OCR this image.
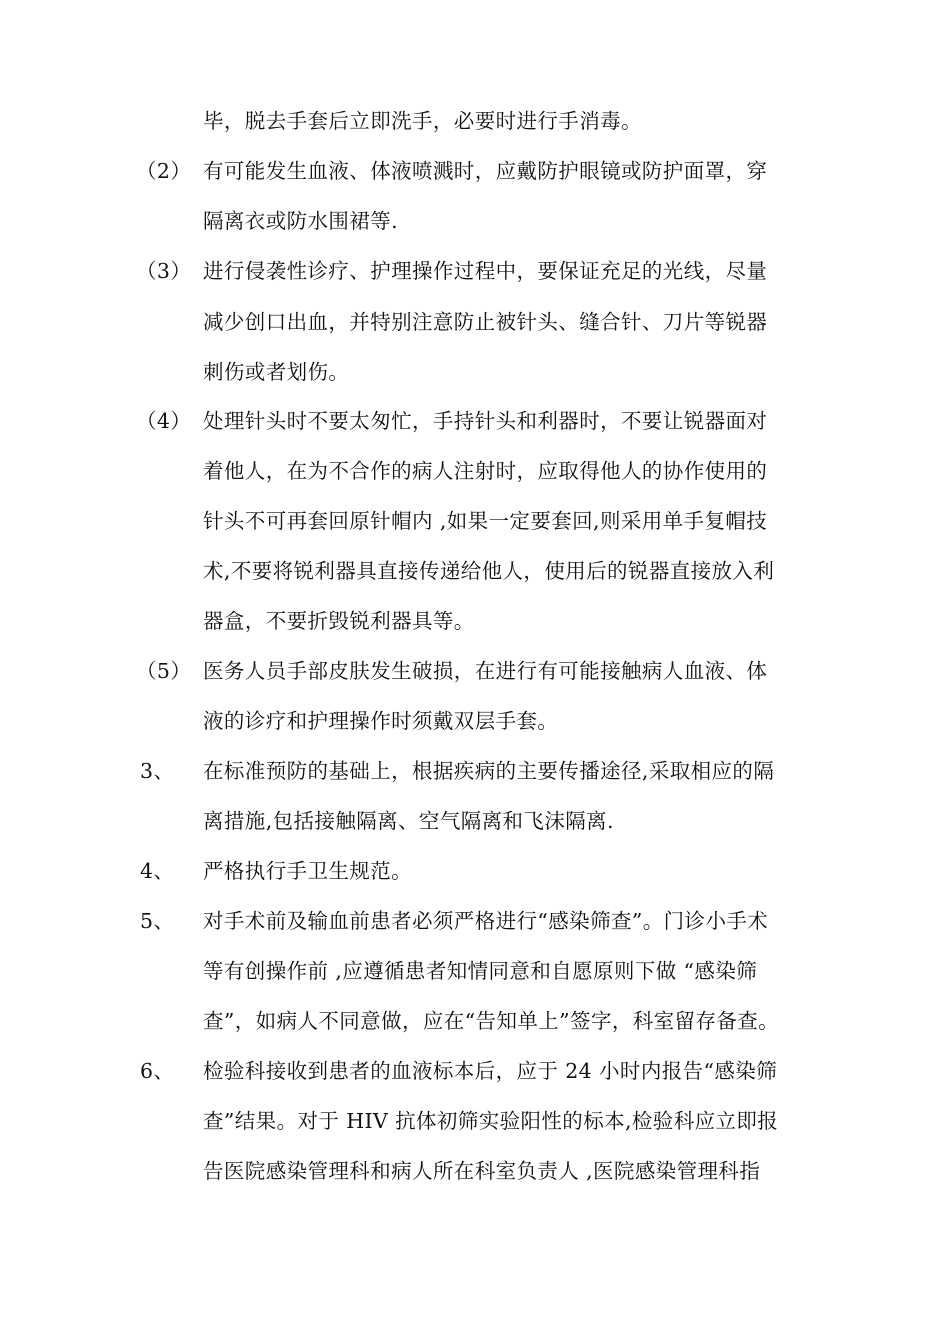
毕，脱去手套后立即洗手，必要时进行手消毒。
（2） 有可能发生血液、体液喷溅时，应戴防护眼镜或防护面罩，穿
隔离衣或防水围裙等.
（3） 进行侵袭性诊疗、护理操作过程中，要保证充足的光线，尽量
减少创口出血，并特别注意防止被针头、缝合针、刀片等锐器
刺伤或者划伤。
（4） 处理针头时不要太匆忙，手持针头和利器时，不要让锐器面对
着他人，在为不合作的病人注射时，应取得他人的协作使用的
针头不可再套回原针帽内 ,如果一定要套回,则采用单手复帽技
术,不要将锐利器具直接传递给他人，使用后的锐器直接放入利
器盒，不要折毁锐利器具等。
（5） 医务人员手部皮肤发生破损，在进行有可能接触病人血液、体
液的诊疗和护理操作时须戴双层手套。
3、 在标准预防的基础上，根据疾病的主要传播途径,采取相应的隔
离措施,包括接触隔离、空气隔离和飞沫隔离.
4、 严格执行手卫生规范。
5、 对手术前及输血前患者必须严格进行“感染筛查”。门诊小手术
等有创操作前 ,应遵循患者知情同意和自愿原则下做 “感染筛
查”，如病人不同意做，应在“告知单上”签字，科室留存备查。
6、 检验科接收到患者的血液标本后，应于 24 小时内报告“感染筛
查”结果。对于 HIV 抗体初筛实验阳性的标本,检验科应立即报
告医院感染管理科和病人所在科室负责人 ,医院感染管理科指
